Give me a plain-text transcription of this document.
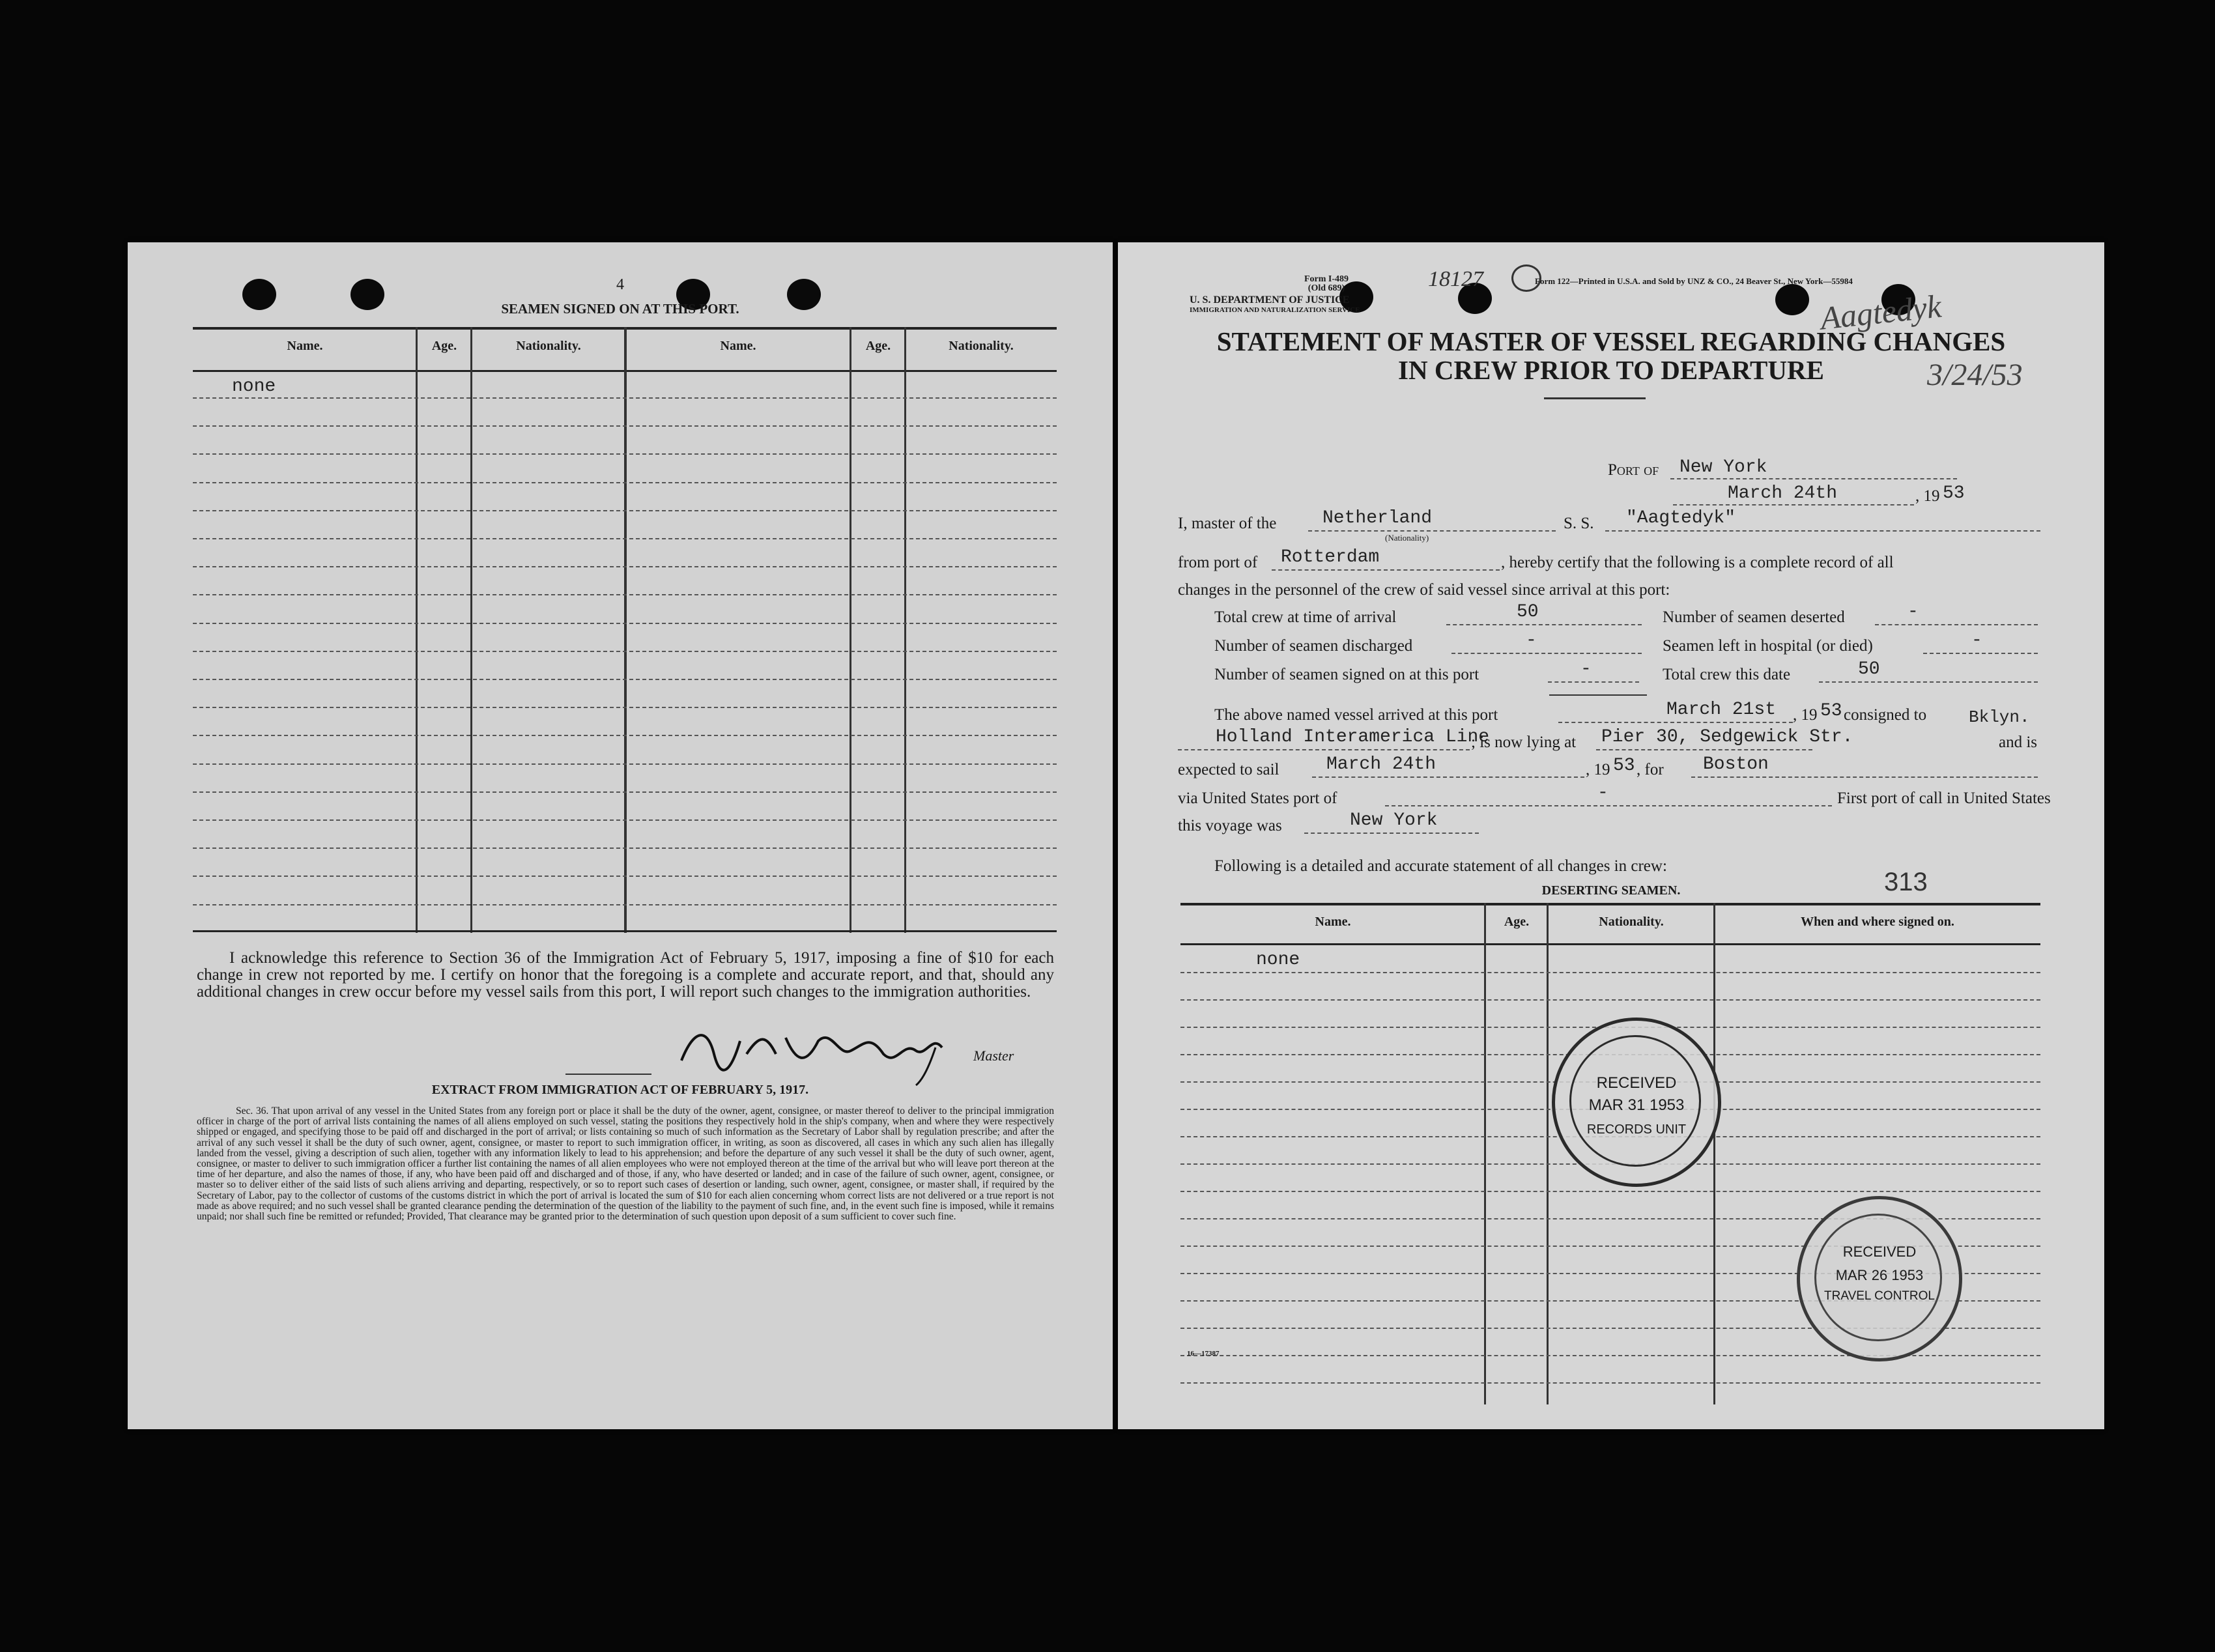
4
SEAMEN SIGNED ON AT THIS PORT.
Name.	Age.	Nationality.	Name.	Age.	Nationality.
none
I acknowledge this reference to Section 36 of the Immigration Act of February 5, 1917, imposing a fine of $10 for each change in crew not reported by me. I certify on honor that the foregoing is a complete and accurate report, and that, should any additional changes in crew occur before my vessel sails from this port, I will report such changes to the immigration authorities.
Master
EXTRACT FROM IMMIGRATION ACT OF FEBRUARY 5, 1917.
Sec. 36. That upon arrival of any vessel in the United States from any foreign port or place it shall be the duty of the owner, agent, consignee, or master thereof to deliver to the principal immigration officer in charge of the port of arrival lists containing the names of all aliens employed on such vessel, stating the positions they respectively hold in the ship's company, when and where they were respectively shipped or engaged, and specifying those to be paid off and discharged in the port of arrival; or lists containing so much of such information as the Secretary of Labor shall by regulation prescribe; and after the arrival of any such vessel it shall be the duty of such owner, agent, consignee, or master to report to such immigration officer, in writing, as soon as discovered, all cases in which any such alien has illegally landed from the vessel, giving a description of such alien, together with any information likely to lead to his apprehension; and before the departure of any such vessel it shall be the duty of such owner, agent, consignee, or master to deliver to such immigration officer a further list containing the names of all alien employees who were not employed thereon at the time of the arrival but who will leave port thereon at the time of her departure, and also the names of those, if any, who have been paid off and discharged and of those, if any, who have deserted or landed; and in case of the failure of such owner, agent, consignee, or master so to deliver either of the said lists of such aliens arriving and departing, respectively, or so to report such cases of desertion or landing, such owner, agent, consignee, or master shall, if required by the Secretary of Labor, pay to the collector of customs of the customs district in which the port of arrival is located the sum of $10 for each alien concerning whom correct lists are not delivered or a true report is not made as above required; and no such vessel shall be granted clearance pending the determination of the question of the liability to the payment of such fine, and, in the event such fine is imposed, while it remains unpaid; nor shall such fine be remitted or refunded; Provided, That clearance may be granted prior to the determination of such question upon deposit of a sum sufficient to cover such fine.
Form I-489
(Old 689)
U. S. DEPARTMENT OF JUSTICE
IMMIGRATION AND NATURALIZATION SERVICE
18127	Form 122—Printed in U.S.A. and Sold by UNZ & CO., 24 Beaver St., New York—55984
STATEMENT OF MASTER OF VESSEL REGARDING CHANGES
IN CREW PRIOR TO DEPARTURE
Aagtedyk
3/24/53
Port of New York
March 24th	, 19 53
I, master of the	Netherland
(Nationality)
S. S. "Aagtedyk"
from port of Rotterdam	, hereby certify that the following is a complete record of all
changes in the personnel of the crew of said vessel since arrival at this port:
Total crew at time of arrival	50	Number of seamen deserted	-
Number of seamen discharged	-	Seamen left in hospital (or died)	-
Number of seamen signed on at this port	-	Total crew this date	50
The above named vessel arrived at this port	March 21st , 19 53 consigned to
Holland Interamerica Line
; is now lying at Pier 30, Sedgewick Str.
Bklyn.
and is
expected to sail	March 24th	, 19 53 , for Boston
via United States port of	-	First port of call in United States
this voyage was	New York
Following is a detailed and accurate statement of all changes in crew:
DESERTING SEAMEN.	313
Name.	Age.	Nationality.	When and where signed on.
none
RECEIVED
MAR 31 1953
RECORDS UNIT
RECEIVED
MAR 26 1953
TRAVEL CONTROL
16—17387
